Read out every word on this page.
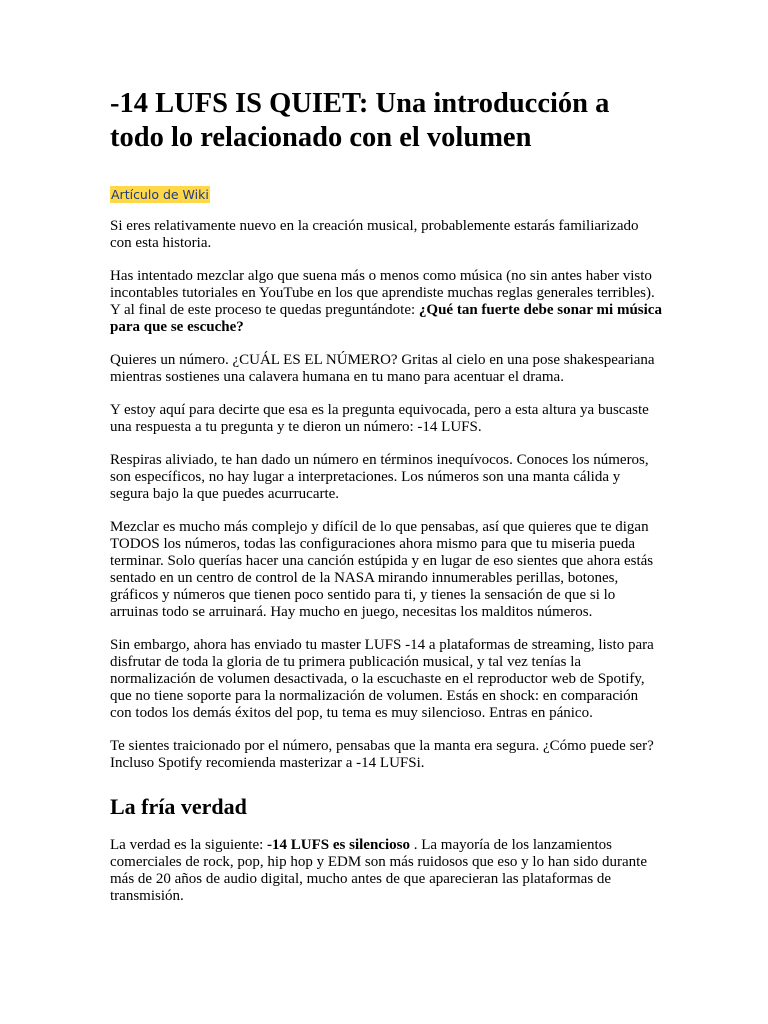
-14 LUFS IS QUIET: Una introducción a todo lo relacionado con el volumen
Artículo de Wiki

Si eres relativamente nuevo en la creación musical, probablemente estarás familiarizado con esta historia.

Has intentado mezclar algo que suena más o menos como música (no sin antes haber visto incontables tutoriales en YouTube en los que aprendiste muchas reglas generales terribles). Y al final de este proceso te quedas preguntándote: ¿Qué tan fuerte debe sonar mi música para que se escuche?

Quieres un número. ¿CUÁL ES EL NÚMERO? Gritas al cielo en una pose shakespeariana mientras sostienes una calavera humana en tu mano para acentuar el drama.

Y estoy aquí para decirte que esa es la pregunta equivocada, pero a esta altura ya buscaste una respuesta a tu pregunta y te dieron un número: -14 LUFS.

Respiras aliviado, te han dado un número en términos inequívocos. Conoces los números, son específicos, no hay lugar a interpretaciones. Los números son una manta cálida y segura bajo la que puedes acurrucarte.

Mezclar es mucho más complejo y difícil de lo que pensabas, así que quieres que te digan TODOS los números, todas las configuraciones ahora mismo para que tu miseria pueda terminar. Solo querías hacer una canción estúpida y en lugar de eso sientes que ahora estás sentado en un centro de control de la NASA mirando innumerables perillas, botones, gráficos y números que tienen poco sentido para ti, y tienes la sensación de que si lo arruinas todo se arruinará. Hay mucho en juego, necesitas los malditos números.

Sin embargo, ahora has enviado tu master LUFS -14 a plataformas de streaming, listo para disfrutar de toda la gloria de tu primera publicación musical, y tal vez tenías la normalización de volumen desactivada, o la escuchaste en el reproductor web de Spotify, que no tiene soporte para la normalización de volumen. Estás en shock: en comparación con todos los demás éxitos del pop, tu tema es muy silencioso. Entras en pánico.

Te sientes traicionado por el número, pensabas que la manta era segura. ¿Cómo puede ser? Incluso Spotify recomienda masterizar a -14 LUFSi.

La fría verdad

La verdad es la siguiente: -14 LUFS es silencioso . La mayoría de los lanzamientos comerciales de rock, pop, hip hop y EDM son más ruidosos que eso y lo han sido durante más de 20 años de audio digital, mucho antes de que aparecieran las plataformas de transmisión.
